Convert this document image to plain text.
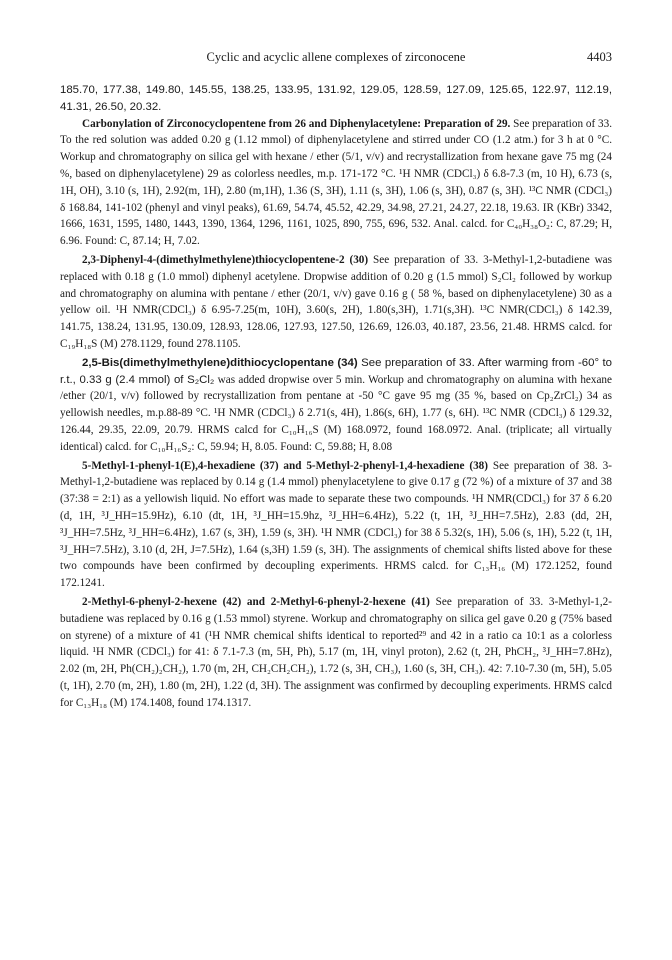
Cyclic and acyclic allene complexes of zirconocene	4403

185.70, 177.38, 149.80, 145.55, 138.25, 133.95, 131.92, 129.05, 128.59, 127.09, 125.65, 122.97, 112.19, 41.31, 26.50, 20.32.

Carbonylation of Zirconocyclopentene from 26 and Diphenylacetylene: Preparation of 29. See preparation of 33. To the red solution was added 0.20 g (1.12 mmol) of diphenylacetylene and stirred under CO (1.2 atm.) for 3 h at 0 °C. Workup and chromatography on silica gel with hexane / ether (5/1, v/v) and recrystallization from hexane gave 75 mg (24 %, based on diphenylacetylene) 29 as colorless needles, m.p. 171-172 °C. ¹H NMR (CDCl₃) δ 6.8-7.3 (m, 10 H), 6.73 (s, 1H, OH), 3.10 (s, 1H), 2.92(m, 1H), 2.80 (m,1H), 1.36 (S, 3H), 1.11 (s, 3H), 1.06 (s, 3H), 0.87 (s, 3H). ¹³C NMR (CDCl₃) δ 168.84, 141-102 (phenyl and vinyl peaks), 61.69, 54.74, 45.52, 42.29, 34.98, 27.21, 24.27, 22.18, 19.63. IR (KBr) 3342, 1666, 1631, 1595, 1480, 1443, 1390, 1364, 1296, 1161, 1025, 890, 755, 696, 532. Anal. calcd. for C₄₀H₃₈O₂: C, 87.29; H, 6.96. Found: C, 87.14; H, 7.02.

2,3-Diphenyl-4-(dimethylmethylene)thiocyclopentene-2 (30) See preparation of 33. 3-Methyl-1,2-butadiene was replaced with 0.18 g (1.0 mmol) diphenyl acetylene. Dropwise addition of 0.20 g (1.5 mmol) S₂Cl₂ followed by workup and chromatography on alumina with pentane / ether (20/1, v/v) gave 0.16 g ( 58 %, based on diphenylacetylene) 30 as a yellow oil. ¹H NMR(CDCl₃) δ 6.95-7.25(m, 10H), 3.60(s, 2H), 1.80(s,3H), 1.71(s,3H). ¹³C NMR(CDCl₃) δ 142.39, 141.75, 138.24, 131.95, 130.09, 128.93, 128.06, 127.93, 127.50, 126.69, 126.03, 40.187, 23.56, 21.48. HRMS calcd. for C₁₉H₁₈S (M) 278.1129, found 278.1105.

2,5-Bis(dimethylmethylene)dithiocyclopentane (34) See preparation of 33. After warming from -60° to r.t., 0.33 g (2.4 mmol) of S₂Cl₂ was added dropwise over 5 min. Workup and chromatography on alumina with hexane /ether (20/1, v/v) followed by recrystallization from pentane at -50 °C gave 95 mg (35 %, based on Cp₂ZrCl₂) 34 as yellowish needles, m.p.88-89 °C. ¹H NMR (CDCl₃) δ 2.71(s, 4H), 1.86(s, 6H), 1.77 (s, 6H). ¹³C NMR (CDCl₃) δ 129.32, 126.44, 29.35, 22.09, 20.79. HRMS calcd for C₁₀H₁₆S (M) 168.0972, found 168.0972. Anal. (triplicate; all virtually identical) calcd. for C₁₀H₁₆S₂: C, 59.94; H, 8.05. Found: C, 59.88; H, 8.08

5-Methyl-1-phenyl-1(E),4-hexadiene (37) and 5-Methyl-2-phenyl-1,4-hexadiene (38) See preparation of 38. 3-Methyl-1,2-butadiene was replaced by 0.14 g (1.4 mmol) phenylacetylene to give 0.17 g (72 %) of a mixture of 37 and 38 (37:38 = 2:1) as a yellowish liquid. No effort was made to separate these two compounds. ¹H NMR(CDCl₃) for 37 δ 6.20 (d, 1H, ³J_HH=15.9Hz), 6.10 (dt, 1H, ³J_HH=15.9hz, ³J_HH=6.4Hz), 5.22 (t, 1H, ³J_HH=7.5Hz), 2.83 (dd, 2H, ³J_HH=7.5Hz, ³J_HH=6.4Hz), 1.67 (s, 3H), 1.59 (s, 3H). ¹H NMR (CDCl₃) for 38 δ 5.32(s, 1H), 5.06 (s, 1H), 5.22 (t, 1H, ³J_HH=7.5Hz), 3.10 (d, 2H, J=7.5Hz), 1.64 (s,3H) 1.59 (s, 3H). The assignments of chemical shifts listed above for these two compounds have been confirmed by decoupling experiments. HRMS calcd. for C₁₃H₁₆ (M) 172.1252, found 172.1241.

2-Methyl-6-phenyl-2-hexene (42) and 2-Methyl-6-phenyl-2-hexene (41) See preparation of 33. 3-Methyl-1,2-butadiene was replaced by 0.16 g (1.53 mmol) styrene. Workup and chromatography on silica gel gave 0.20 g (75% based on styrene) of a mixture of 41 (¹H NMR chemical shifts identical to reported²⁹ and 42 in a ratio ca 10:1 as a colorless liquid. ¹H NMR (CDCl₃) for 41: δ 7.1-7.3 (m, 5H, Ph), 5.17 (m, 1H, vinyl proton), 2.62 (t, 2H, PhCH₂, ³J_HH=7.8Hz), 2.02 (m, 2H, Ph(CH₂)₂CH₂), 1.70 (m, 2H, CH₂CH₂CH₂), 1.72 (s, 3H, CH₃), 1.60 (s, 3H, CH₃). 42: 7.10-7.30 (m, 5H), 5.05 (t, 1H), 2.70 (m, 2H), 1.80 (m, 2H), 1.22 (d, 3H). The assignment was confirmed by decoupling experiments. HRMS calcd for C₁₃H₁₈ (M) 174.1408, found 174.1317.
